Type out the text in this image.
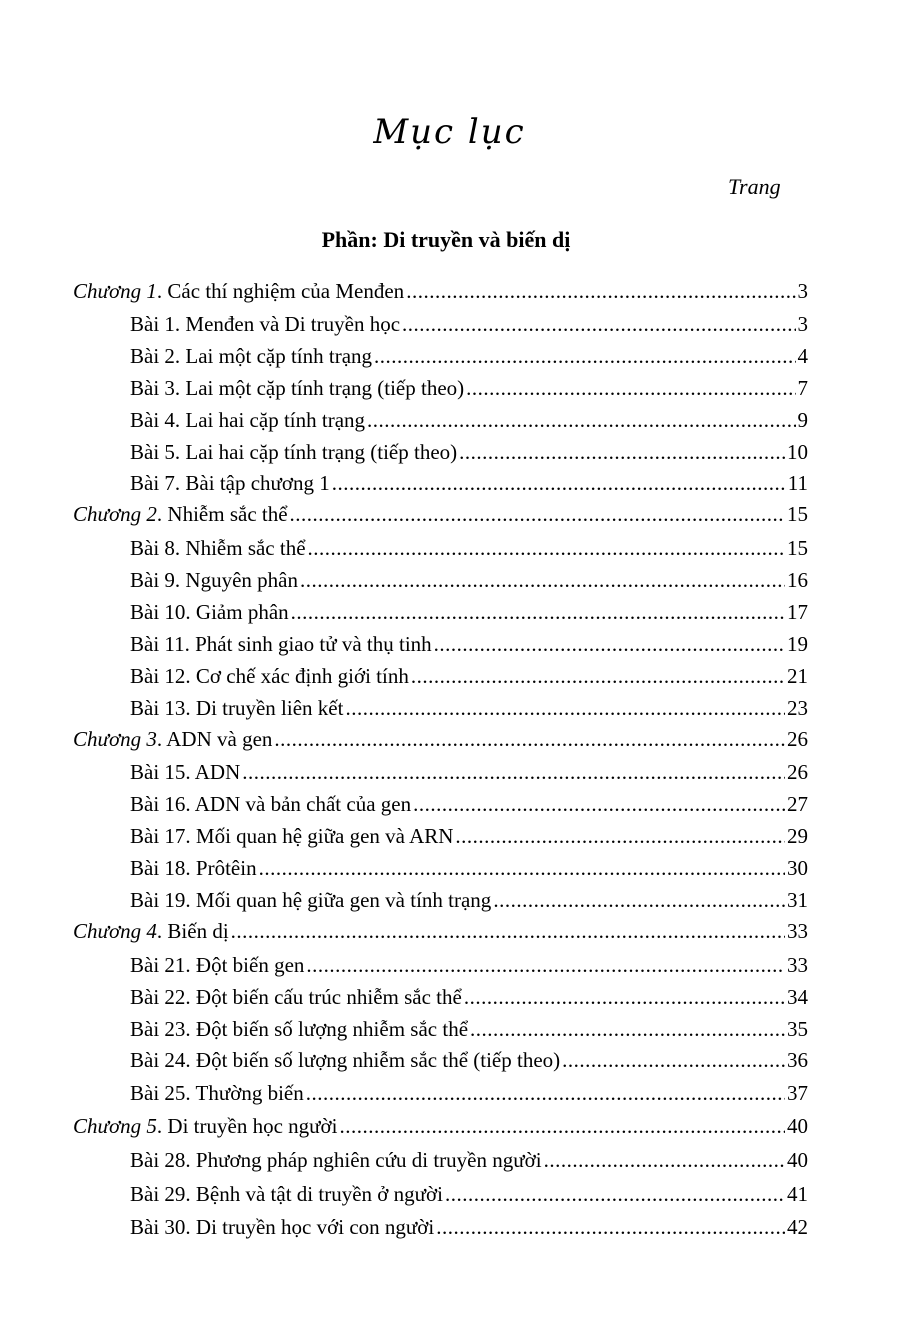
Mục lục
Trang
Phần: Di truyền và biến dị
Chương 1. Các thí nghiệm của Menđen .....	3
Bài 1. Menđen và Di truyền học .....	3
Bài 2. Lai một cặp tính trạng .....	4
Bài 3. Lai một cặp tính trạng (tiếp theo) .....	7
Bài 4. Lai hai cặp tính trạng .....	9
Bài 5. Lai hai cặp tính trạng (tiếp theo) .....	10
Bài 7. Bài tập chương 1 .....	11
Chương 2. Nhiễm sắc thể .....	15
Bài 8. Nhiễm sắc thể .....	15
Bài 9. Nguyên phân .....	16
Bài 10. Giảm phân .....	17
Bài 11. Phát sinh giao tử và thụ tinh .....	19
Bài 12. Cơ chế xác định giới tính .....	21
Bài 13. Di truyền liên kết .....	23
Chương 3. ADN và gen .....	26
Bài 15. ADN .....	26
Bài 16. ADN và bản chất của gen .....	27
Bài 17. Mối quan hệ giữa gen và ARN .....	29
Bài 18. Prôtêin .....	30
Bài 19. Mối quan hệ giữa gen và tính trạng .....	31
Chương 4. Biến dị .....	33
Bài 21. Đột biến gen .....	33
Bài 22. Đột biến cấu trúc nhiễm sắc thể .....	34
Bài 23. Đột biến số lượng nhiễm sắc thể .....	35
Bài 24. Đột biến số lượng nhiễm sắc thể (tiếp theo) .....	36
Bài 25. Thường biến .....	37
Chương 5. Di truyền học người .....	40
Bài 28. Phương pháp nghiên cứu di truyền người .....	40
Bài 29. Bệnh và tật di truyền ở người .....	41
Bài 30. Di truyền học với con người .....	42
